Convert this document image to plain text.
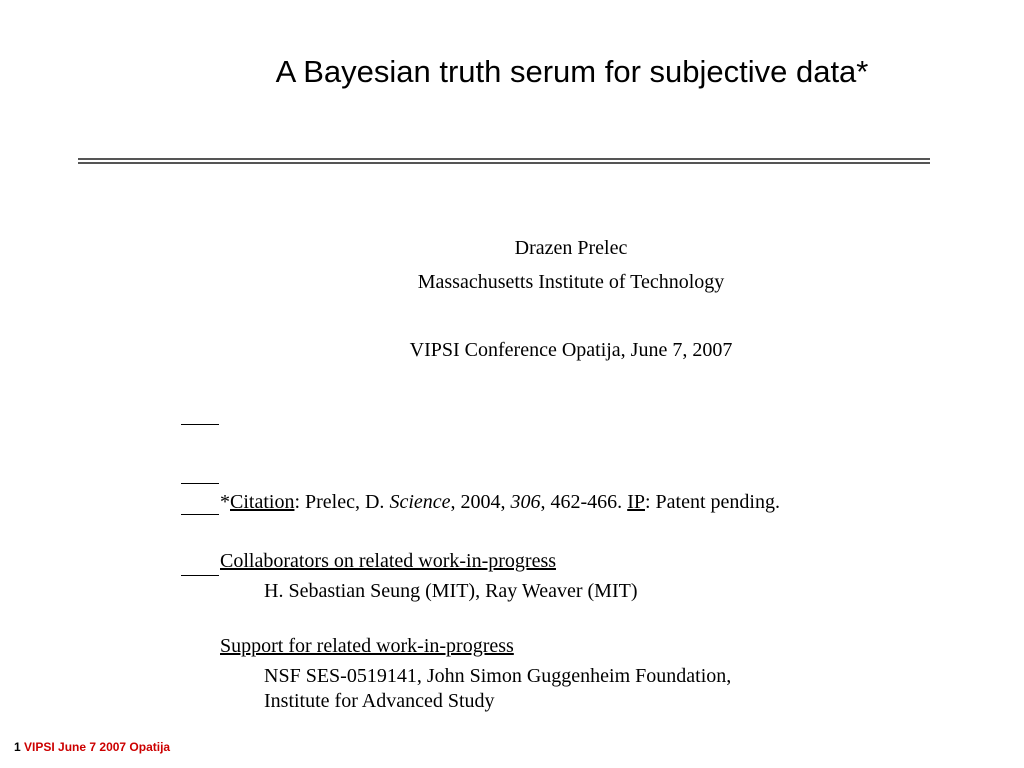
A Bayesian truth serum for subjective data*
Drazen Prelec
Massachusetts Institute of Technology
VIPSI Conference Opatija, June 7, 2007
*Citation: Prelec, D. Science, 2004, 306, 462-466. IP: Patent pending.
Collaborators on related work-in-progress
H. Sebastian Seung (MIT), Ray Weaver (MIT)
Support for related work-in-progress
NSF SES-0519141, John Simon Guggenheim Foundation,
Institute for Advanced Study
1 VIPSI June 7 2007 Opatija
